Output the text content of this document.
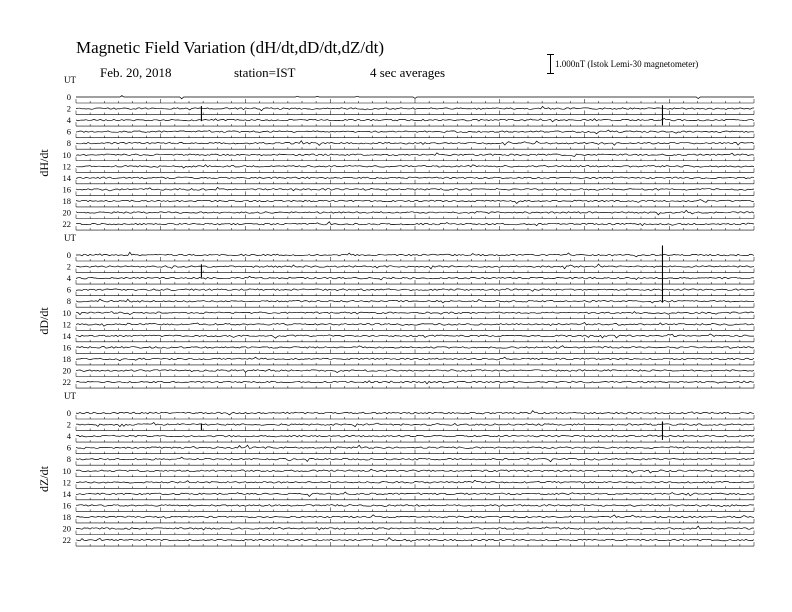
Magnetic Field Variation (dH/dt,dD/dt,dZ/dt)
Feb. 20, 2018	station=IST	4 sec averages
1.000nT (Istok Lemi-30 magnetometer)
UT
dH/dt
0
2
4
6
8
10
12
14
16
18
20
22
UT
dD/dt
0
2
4
6
8
10
12
14
16
18
20
22
UT
dZ/dt
0
2
4
6
8
10
12
14
16
18
20
22
